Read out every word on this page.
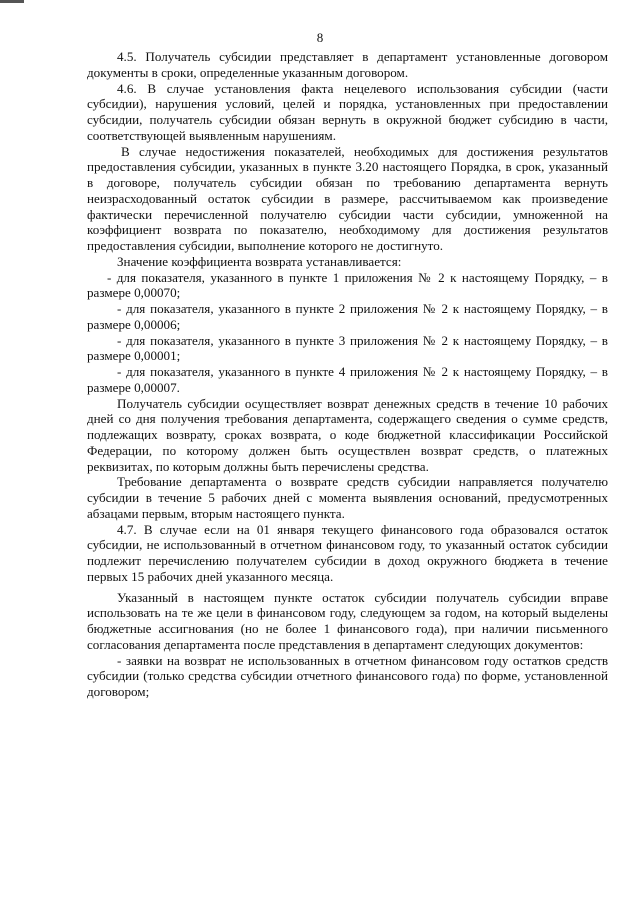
8

4.5. Получатель субсидии представляет в департамент установленные договором документы в сроки, определенные указанным договором.

4.6. В случае установления факта нецелевого использования субсидии (части субсидии), нарушения условий, целей и порядка, установленных при предоставлении субсидии, получатель субсидии обязан вернуть в окружной бюджет субсидию в части, соответствующей выявленным нарушениям.

В случае недостижения показателей, необходимых для достижения результатов предоставления субсидии, указанных в пункте 3.20 настоящего Порядка, в срок, указанный в договоре, получатель субсидии обязан по требованию департамента вернуть неизрасходованный остаток субсидии в размере, рассчитываемом как произведение фактически перечисленной получателю субсидии части субсидии, умноженной на коэффициент возврата по показателю, необходимому для достижения результатов предоставления субсидии, выполнение которого не достигнуто.

Значение коэффициента возврата устанавливается:

- для показателя, указанного в пункте 1 приложения № 2 к настоящему Порядку, – в размере 0,00070;

- для показателя, указанного в пункте 2 приложения № 2 к настоящему Порядку, – в размере 0,00006;

- для показателя, указанного в пункте 3 приложения № 2 к настоящему Порядку, – в размере 0,00001;

- для показателя, указанного в пункте 4 приложения № 2 к настоящему Порядку, – в размере 0,00007.

Получатель субсидии осуществляет возврат денежных средств в течение 10 рабочих дней со дня получения требования департамента, содержащего сведения о сумме средств, подлежащих возврату, сроках возврата, о коде бюджетной классификации Российской Федерации, по которому должен быть осуществлен возврат средств, о платежных реквизитах, по которым должны быть перечислены средства.

Требование департамента о возврате средств субсидии направляется получателю субсидии в течение 5 рабочих дней с момента выявления оснований, предусмотренных абзацами первым, вторым настоящего пункта.

4.7. В случае если на 01 января текущего финансового года образовался остаток субсидии, не использованный в отчетном финансовом году, то указанный остаток субсидии подлежит перечислению получателем субсидии в доход окружного бюджета в течение первых 15 рабочих дней указанного месяца.

Указанный в настоящем пункте остаток субсидии получатель субсидии вправе использовать на те же цели в финансовом году, следующем за годом, на который выделены бюджетные ассигнования (но не более 1 финансового года), при наличии письменного согласования департамента после представления в департамент следующих документов:

- заявки на возврат не использованных в отчетном финансовом году остатков средств субсидии (только средства субсидии отчетного финансового года) по форме, установленной договором;
